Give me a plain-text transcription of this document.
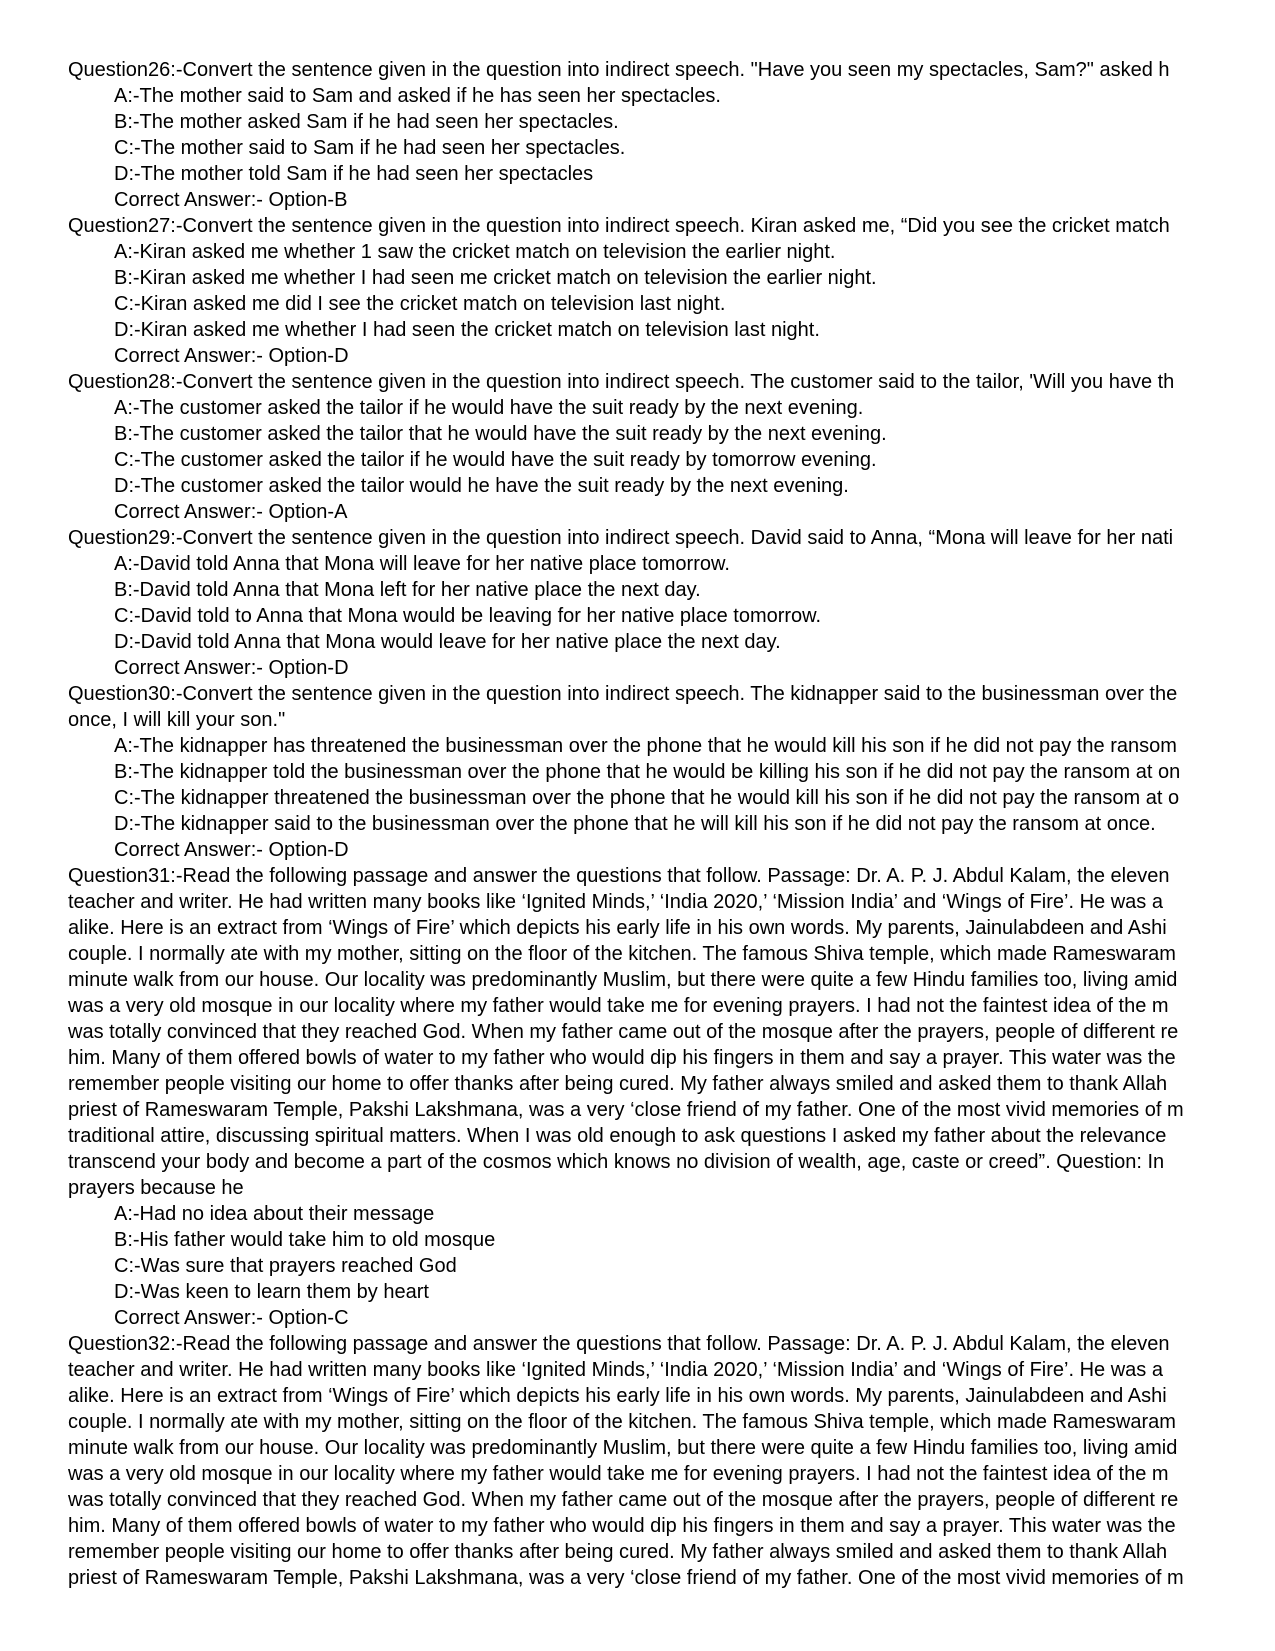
Question26:-Convert the sentence given in the question into indirect speech. "Have you seen my spectacles, Sam?" asked h
A:-The mother said to Sam and asked if he has seen her spectacles.
B:-The mother asked Sam if he had seen her spectacles.
C:-The mother said to Sam if he had seen her spectacles.
D:-The mother told Sam if he had seen her spectacles
Correct Answer:- Option-B
Question27:-Convert the sentence given in the question into indirect speech. Kiran asked me, “Did you see the cricket match
A:-Kiran asked me whether 1 saw the cricket match on television the earlier night.
B:-Kiran asked me whether I had seen me cricket match on television the earlier night.
C:-Kiran asked me did I see the cricket match on television last night.
D:-Kiran asked me whether I had seen the cricket match on television last night.
Correct Answer:- Option-D
Question28:-Convert the sentence given in the question into indirect speech. The customer said to the tailor, 'Will you have th
A:-The customer asked the tailor if he would have the suit ready by the next evening.
B:-The customer asked the tailor that he would have the suit ready by the next evening.
C:-The customer asked the tailor if he would have the suit ready by tomorrow evening.
D:-The customer asked the tailor would he have the suit ready by the next evening.
Correct Answer:- Option-A
Question29:-Convert the sentence given in the question into indirect speech. David said to Anna, “Mona will leave for her nati
A:-David told Anna that Mona will leave for her native place tomorrow.
B:-David told Anna that Mona left for her native place the next day.
C:-David told to Anna that Mona would be leaving for her native place tomorrow.
D:-David told Anna that Mona would leave for her native place the next day.
Correct Answer:- Option-D
Question30:-Convert the sentence given in the question into indirect speech. The kidnapper said to the businessman over the
once, I will kill your son."
A:-The kidnapper has threatened the businessman over the phone that he would kill his son if he did not pay the ransom
B:-The kidnapper told the businessman over the phone that he would be killing his son if he did not pay the ransom at on
C:-The kidnapper threatened the businessman over the phone that he would kill his son if he did not pay the ransom at o
D:-The kidnapper said to the businessman over the phone that he will kill his son if he did not pay the ransom at once.
Correct Answer:- Option-D
Question31:-Read the following passage and answer the questions that follow. Passage: Dr. A. P. J. Abdul Kalam, the eleven
teacher and writer. He had written many books like ‘Ignited Minds,’ ‘India 2020,’ ‘Mission India’ and ‘Wings of Fire’. He was a
alike. Here is an extract from ‘Wings of Fire’ which depicts his early life in his own words. My parents, Jainulabdeen and Ashi
couple. I normally ate with my mother, sitting on the floor of the kitchen. The famous Shiva temple, which made Rameswaram
minute walk from our house. Our locality was predominantly Muslim, but there were quite a few Hindu families too, living amid
was a very old mosque in our locality where my father would take me for evening prayers. I had not the faintest idea of the m
was totally convinced that they reached God. When my father came out of the mosque after the prayers, people of different re
him. Many of them offered bowls of water to my father who would dip his fingers in them and say a prayer. This water was the
remember people visiting our home to offer thanks after being cured. My father always smiled and asked them to thank Allah
priest of Rameswaram Temple, Pakshi Lakshmana, was a very ‘close friend of my father. One of the most vivid memories of m
traditional attire, discussing spiritual matters. When I was old enough to ask questions I asked my father about the relevance
transcend your body and become a part of the cosmos which knows no division of wealth, age, caste or creed”. Question: In
prayers because he
A:-Had no idea about their message
B:-His father would take him to old mosque
C:-Was sure that prayers reached God
D:-Was keen to learn them by heart
Correct Answer:- Option-C
Question32:-Read the following passage and answer the questions that follow. Passage: Dr. A. P. J. Abdul Kalam, the eleven
teacher and writer. He had written many books like ‘Ignited Minds,’ ‘India 2020,’ ‘Mission India’ and ‘Wings of Fire’. He was a
alike. Here is an extract from ‘Wings of Fire’ which depicts his early life in his own words. My parents, Jainulabdeen and Ashi
couple. I normally ate with my mother, sitting on the floor of the kitchen. The famous Shiva temple, which made Rameswaram
minute walk from our house. Our locality was predominantly Muslim, but there were quite a few Hindu families too, living amid
was a very old mosque in our locality where my father would take me for evening prayers. I had not the faintest idea of the m
was totally convinced that they reached God. When my father came out of the mosque after the prayers, people of different re
him. Many of them offered bowls of water to my father who would dip his fingers in them and say a prayer. This water was the
remember people visiting our home to offer thanks after being cured. My father always smiled and asked them to thank Allah
priest of Rameswaram Temple, Pakshi Lakshmana, was a very ‘close friend of my father. One of the most vivid memories of m
